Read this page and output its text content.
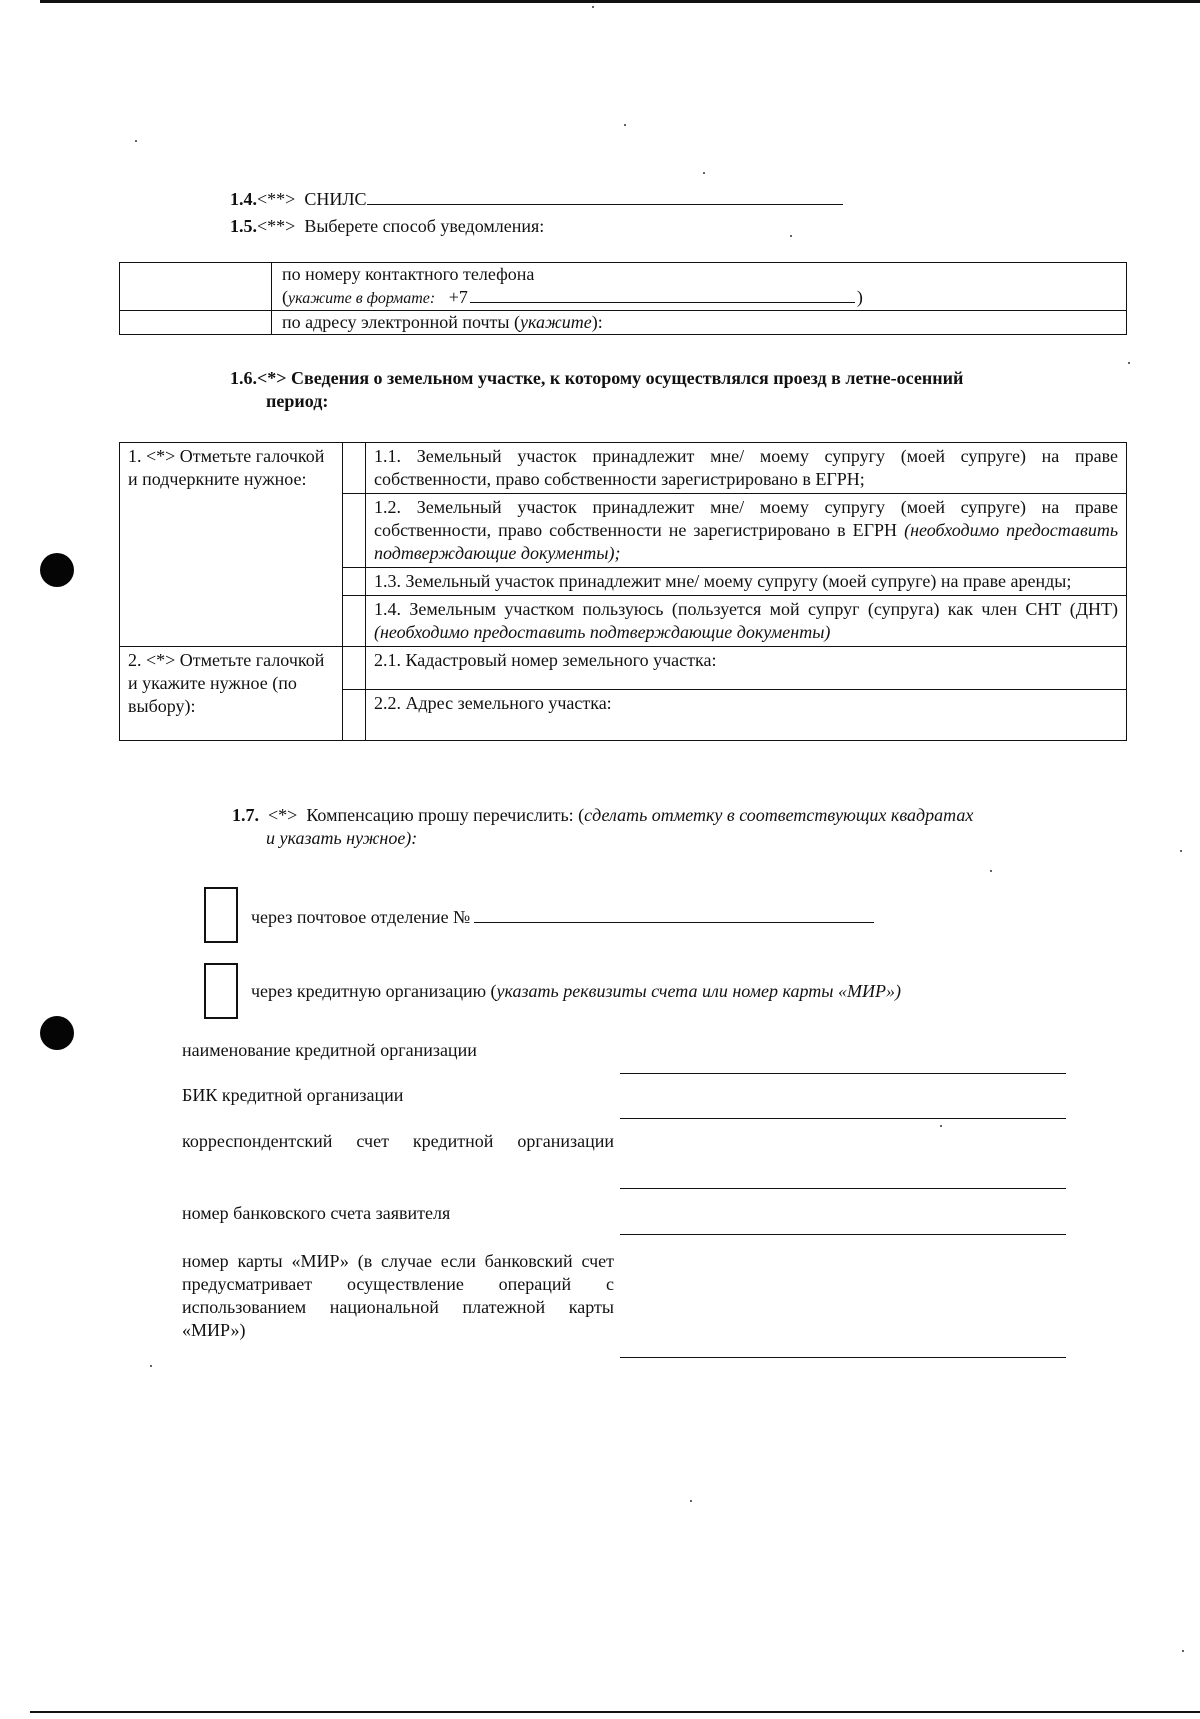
1.4.<**> СНИЛС
1.5.<**> Выберете способ уведомления:

	по номеру контактного телефона
( укажите в формате:
+7 )

	по адресу электронной почты (укажите):
1.6.<*> Сведения о земельном участке, к которому осуществлялся проезд в летне-осенний
период:
1. <*> Отметьте галочкой и подчеркните нужное:		1.1. Земельный участок принадлежит мне/ моему супругу (моей супруге) на праве собственности, право собственности зарегистрировано в ЕГРН;
		1.2. Земельный участок принадлежит мне/ моему супругу (моей супруге) на праве собственности, право собственности не зарегистрировано в ЕГРН (необходимо предоставить подтверждающие документы);
		1.3. Земельный участок принадлежит мне/ моему супругу (моей супруге) на праве аренды;
		1.4. Земельным участком пользуюсь (пользуется мой супруг (супруга) как член СНТ (ДНТ) (необходимо предоставить подтверждающие документы)
2. <*> Отметьте галочкой и укажите нужное (по выбору):		2.1. Кадастровый номер земельного участка:
		2.2. Адрес земельного участка:
1.7. <*> Компенсацию прошу перечислить: (сделать отметку в соответствующих квадратах
и указать нужное):
через почтовое отделение №
через кредитную организацию (указать реквизиты счета или номер карты «МИР»)
наименование кредитной организации
БИК кредитной организации
корреспондентский счет кредитной организации
номер банковского счета заявителя
номер карты «МИР» (в случае если банковский счет предусматривает осуществление операций с использованием национальной платежной карты «МИР»)
